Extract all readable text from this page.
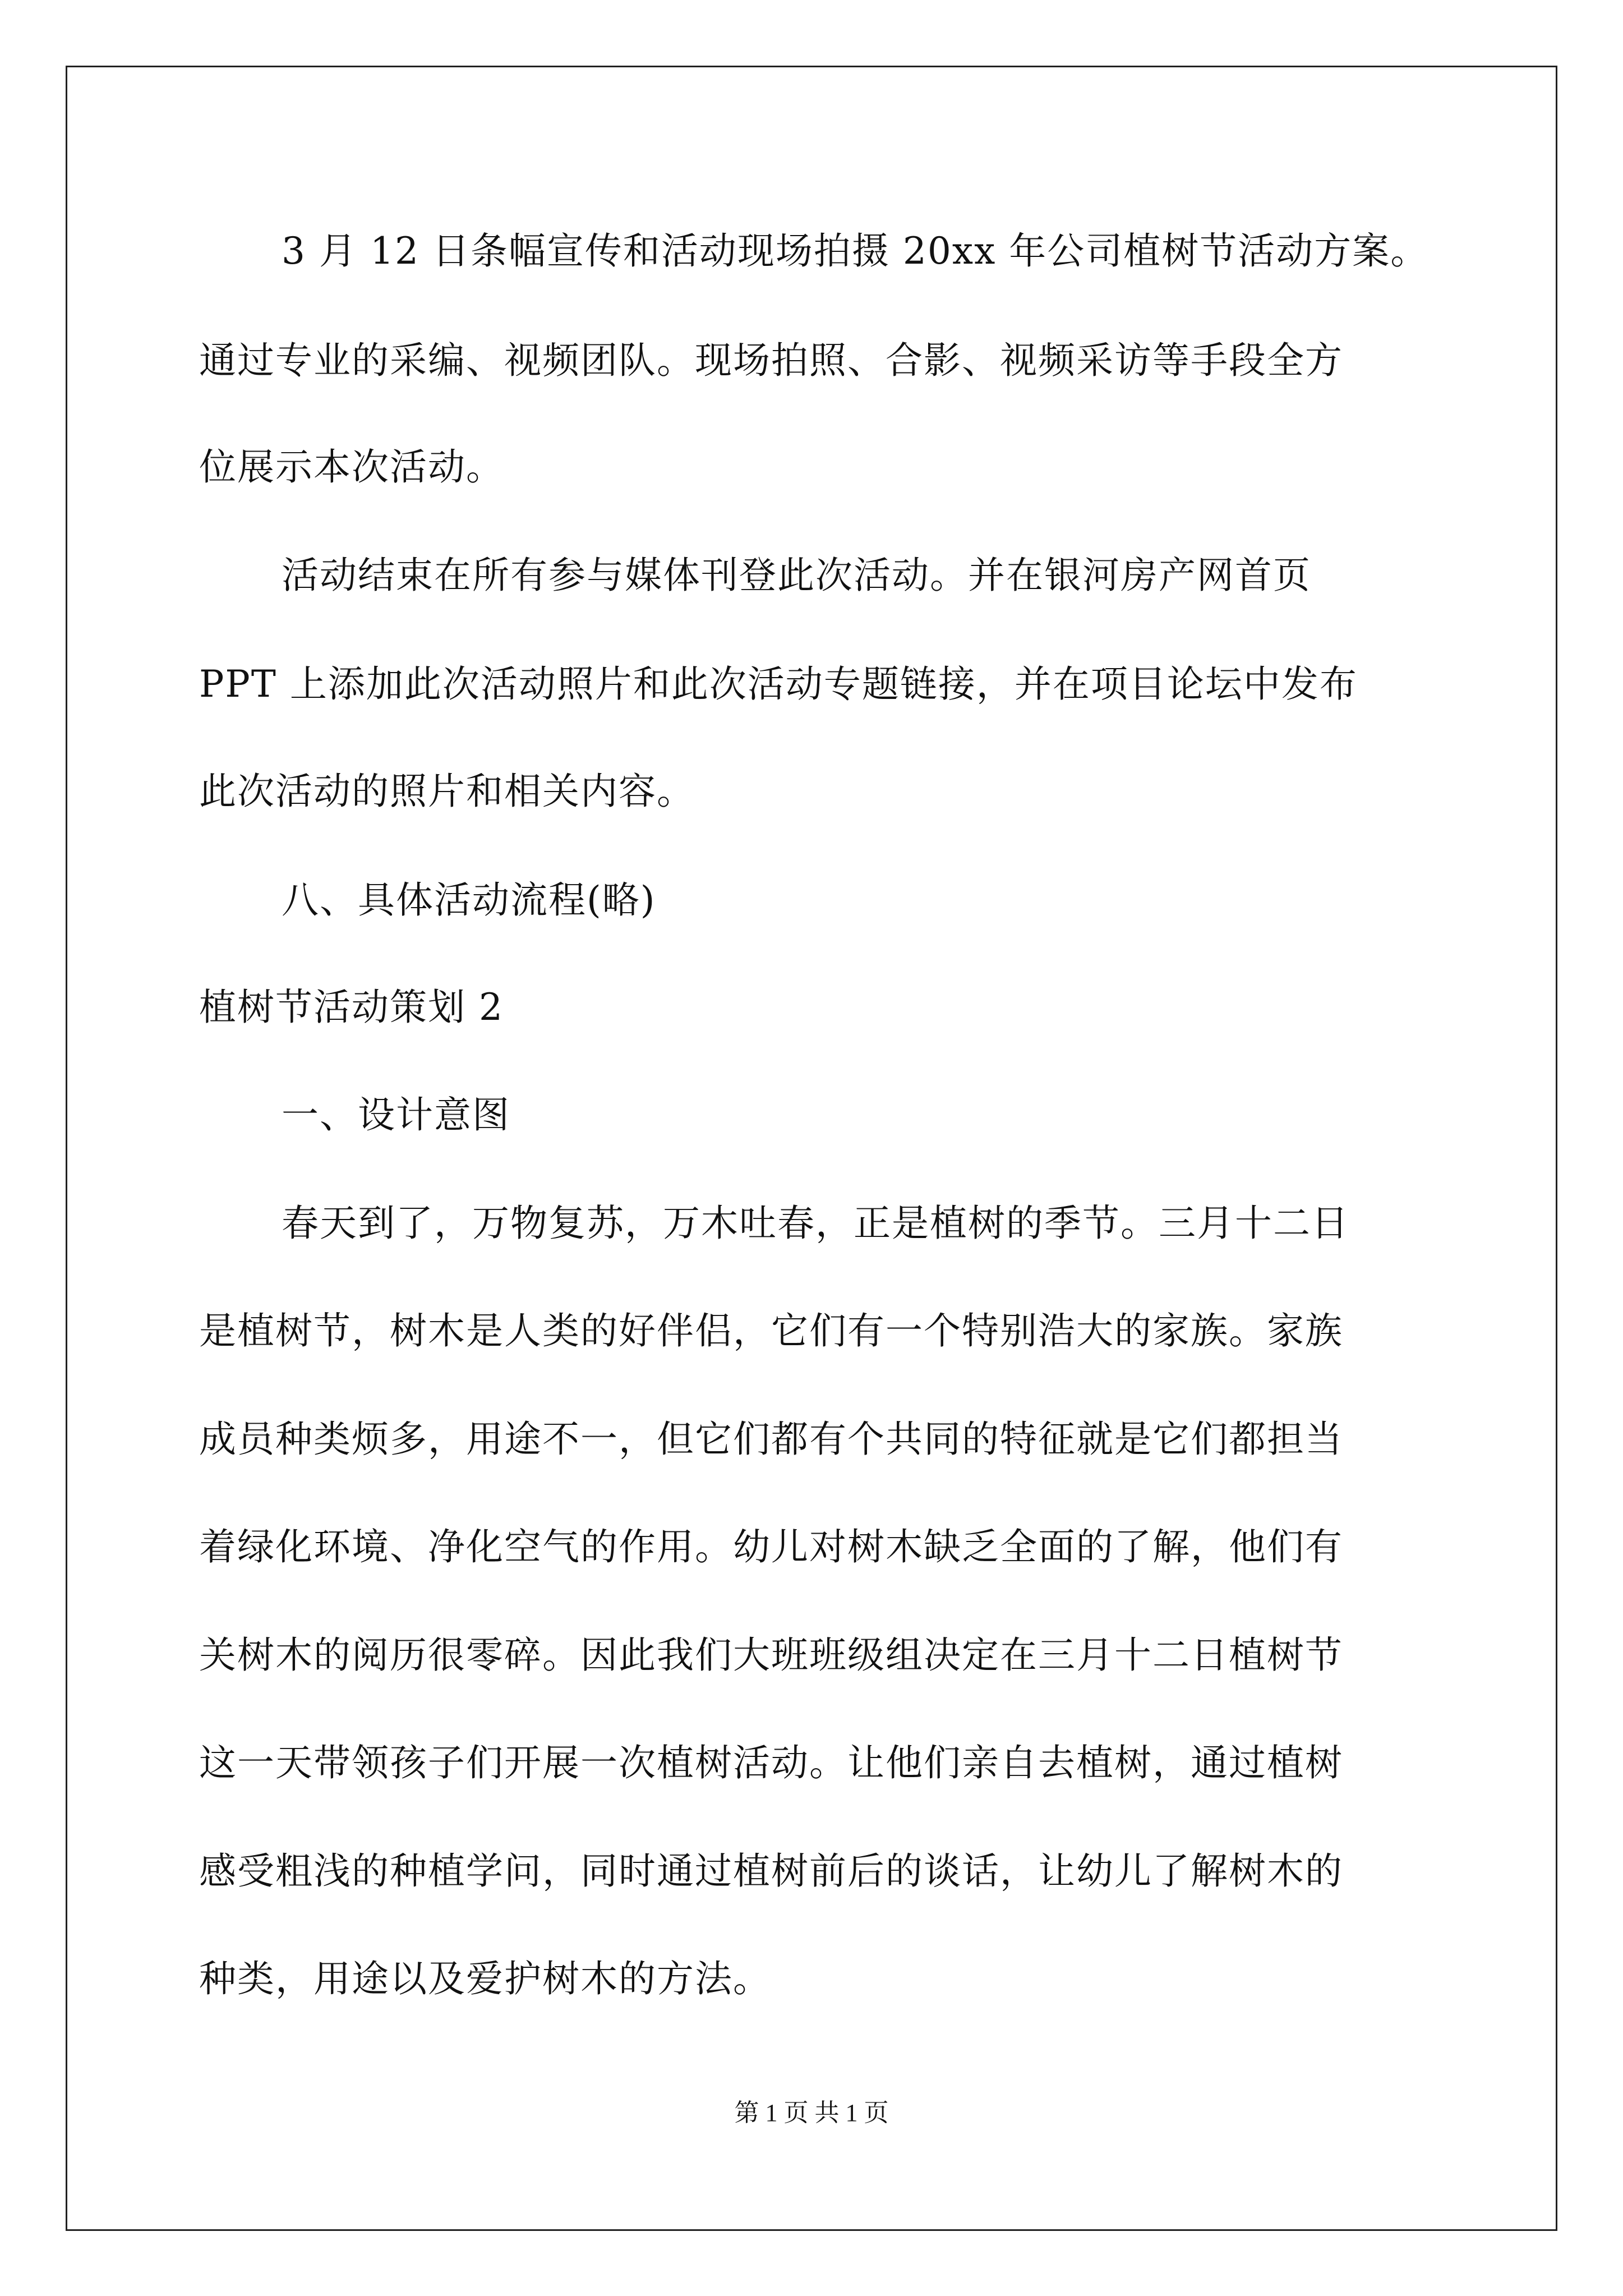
3 月 12 日条幅宣传和活动现场拍摄 20xx 年公司植树节活动方案。
通过专业的采编、视频团队。现场拍照、合影、视频采访等手段全方
位展示本次活动。
活动结束在所有参与媒体刊登此次活动。并在银河房产网首页
PPT 上添加此次活动照片和此次活动专题链接，并在项目论坛中发布
此次活动的照片和相关内容。
八、具体活动流程(略)
植树节活动策划 2
一、设计意图
春天到了，万物复苏，万木吐春，正是植树的季节。三月十二日
是植树节，树木是人类的好伴侣，它们有一个特别浩大的家族。家族
成员种类烦多，用途不一，但它们都有个共同的特征就是它们都担当
着绿化环境、净化空气的作用。幼儿对树木缺乏全面的了解，他们有
关树木的阅历很零碎。因此我们大班班级组决定在三月十二日植树节
这一天带领孩子们开展一次植树活动。让他们亲自去植树，通过植树
感受粗浅的种植学问，同时通过植树前后的谈话，让幼儿了解树木的
种类，用途以及爱护树木的方法。
第 1 页 共 1 页
